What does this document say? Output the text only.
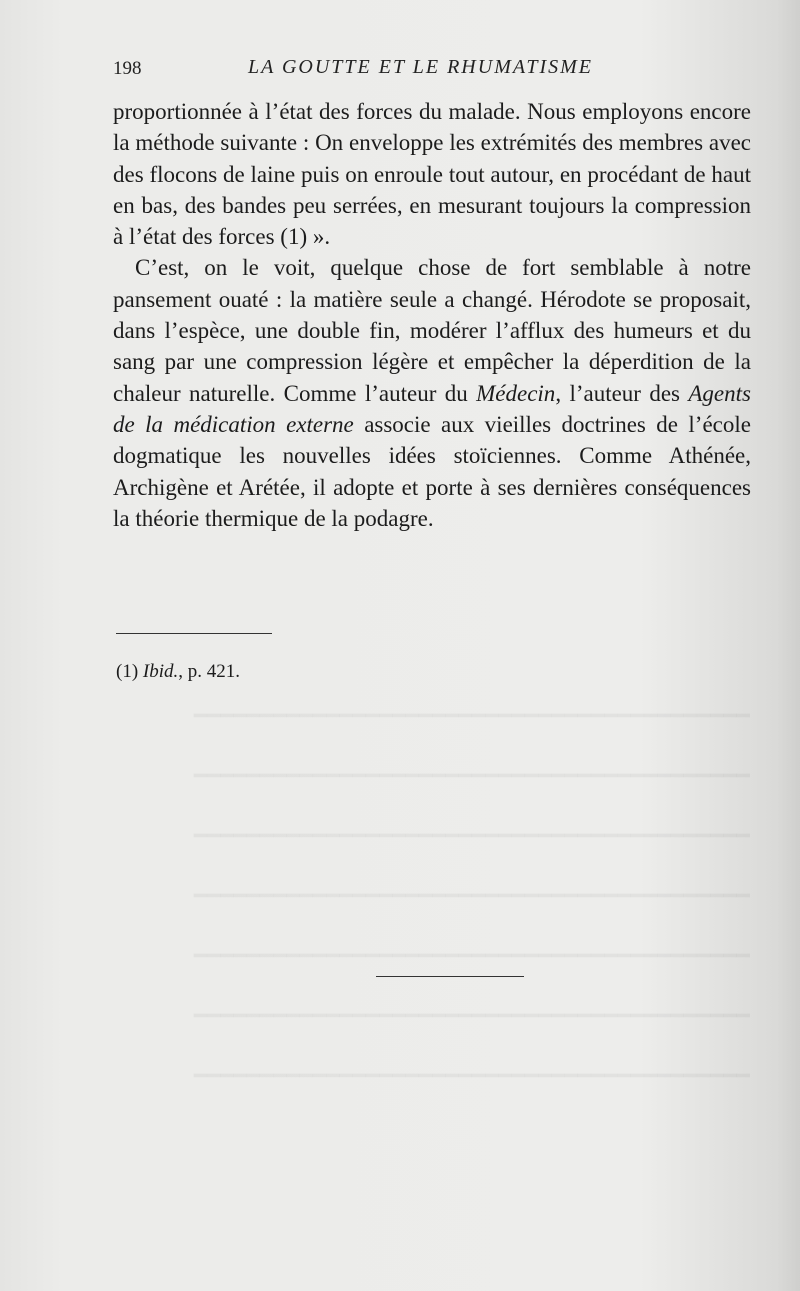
198	LA GOUTTE ET LE RHUMATISME

proportionnée à l’état des forces du malade. Nous employons encore la méthode suivante : On enveloppe les extrémités des membres avec des flocons de laine puis on enroule tout autour, en procédant de haut en bas, des bandes peu serrées, en mesurant toujours la compression à l’état des forces (1) ».

C’est, on le voit, quelque chose de fort semblable à notre pansement ouaté : la matière seule a changé. Hérodote se proposait, dans l’espèce, une double fin, modérer l’afflux des humeurs et du sang par une compression légère et empêcher la déperdition de la chaleur naturelle. Comme l’auteur du Médecin, l’auteur des Agents de la médication externe associe aux vieilles doctrines de l’école dogmatique les nouvelles idées stoïciennes. Comme Athénée, Archigène et Arétée, il adopte et porte à ses dernières conséquences la théorie thermique de la podagre.

(1) Ibid., p. 421.
